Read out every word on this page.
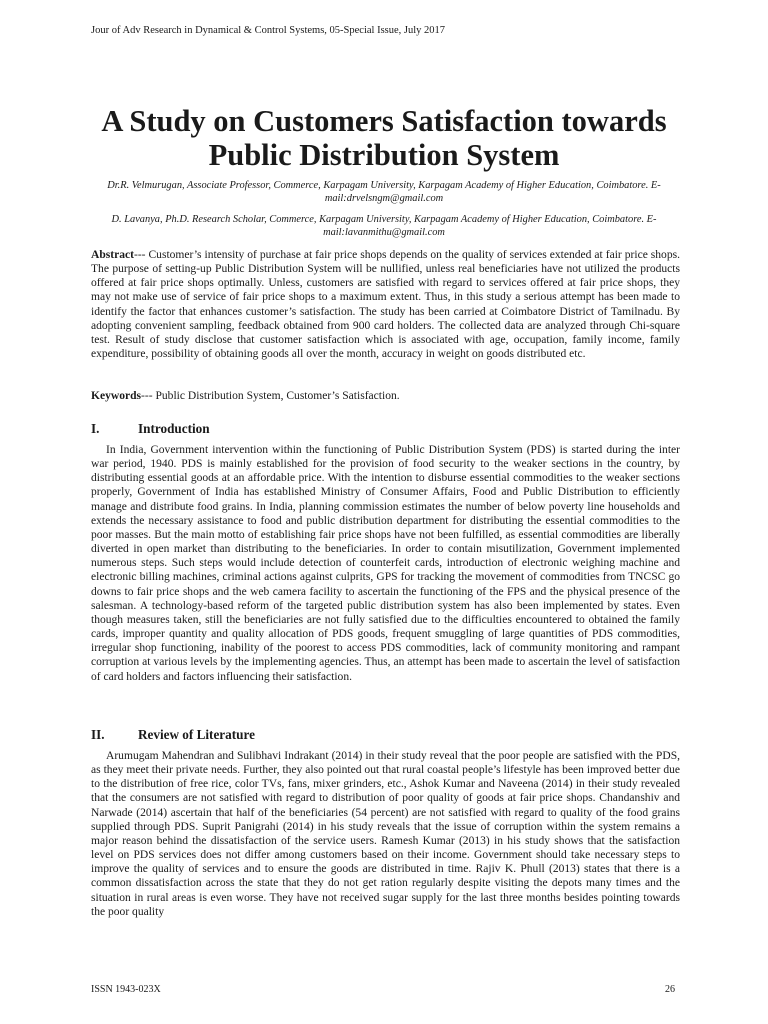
Jour of Adv Research in Dynamical & Control Systems, 05-Special Issue, July 2017
A Study on Customers Satisfaction towards Public Distribution System
Dr.R. Velmurugan, Associate Professor, Commerce, Karpagam University, Karpagam Academy of Higher Education, Coimbatore. E-mail:drvelsngm@gmail.com
D. Lavanya, Ph.D. Research Scholar, Commerce, Karpagam University, Karpagam Academy of Higher Education, Coimbatore. E-mail:lavanmithu@gmail.com

Abstract--- Customer’s intensity of purchase at fair price shops depends on the quality of services extended at fair price shops. The purpose of setting-up Public Distribution System will be nullified, unless real beneficiaries have not utilized the products offered at fair price shops optimally. Unless, customers are satisfied with regard to services offered at fair price shops, they may not make use of service of fair price shops to a maximum extent. Thus, in this study a serious attempt has been made to identify the factor that enhances customer’s satisfaction. The study has been carried at Coimbatore District of Tamilnadu. By adopting convenient sampling, feedback obtained from 900 card holders. The collected data are analyzed through Chi-square test. Result of study disclose that customer satisfaction which is associated with age, occupation, family income, family expenditure, possibility of obtaining goods all over the month, accuracy in weight on goods distributed etc.

Keywords--- Public Distribution System, Customer’s Satisfaction.

I.	Introduction

In India, Government intervention within the functioning of Public Distribution System (PDS) is started during the inter war period, 1940. PDS is mainly established for the provision of food security to the weaker sections in the country, by distributing essential goods at an affordable price. With the intention to disburse essential commodities to the weaker sections properly, Government of India has established Ministry of Consumer Affairs, Food and Public Distribution to efficiently manage and distribute food grains. In India, planning commission estimates the number of below poverty line households and extends the necessary assistance to food and public distribution department for distributing the essential commodities to the poor masses. But the main motto of establishing fair price shops have not been fulfilled, as essential commodities are liberally diverted in open market than distributing to the beneficiaries. In order to contain misutilization, Government implemented numerous steps. Such steps would include detection of counterfeit cards, introduction of electronic weighing machine and electronic billing machines, criminal actions against culprits, GPS for tracking the movement of commodities from TNCSC go downs to fair price shops and the web camera facility to ascertain the functioning of the FPS and the physical presence of the salesman. A technology-based reform of the targeted public distribution system has also been implemented by states. Even though measures taken, still the beneficiaries are not fully satisfied due to the difficulties encountered to obtained the family cards, improper quantity and quality allocation of PDS goods, frequent smuggling of large quantities of PDS commodities, irregular shop functioning, inability of the poorest to access PDS commodities, lack of community monitoring and rampant corruption at various levels by the implementing agencies. Thus, an attempt has been made to ascertain the level of satisfaction of card holders and factors influencing their satisfaction.

II.	Review of Literature

Arumugam Mahendran and Sulibhavi Indrakant (2014) in their study reveal that the poor people are satisfied with the PDS, as they meet their private needs. Further, they also pointed out that rural coastal people’s lifestyle has been improved better due to the distribution of free rice, color TVs, fans, mixer grinders, etc., Ashok Kumar and Naveena (2014) in their study revealed that the consumers are not satisfied with regard to distribution of poor quality of goods at fair price shops. Chandanshiv and Narwade (2014) ascertain that half of the beneficiaries (54 percent) are not satisfied with regard to quality of the food grains supplied through PDS. Suprit Panigrahi (2014) in his study reveals that the issue of corruption within the system remains a major reason behind the dissatisfaction of the service users. Ramesh Kumar (2013) in his study shows that the satisfaction level on PDS services does not differ among customers based on their income. Government should take necessary steps to improve the quality of services and to ensure the goods are distributed in time. Rajiv K. Phull (2013) states that there is a common dissatisfaction across the state that they do not get ration regularly despite visiting the depots many times and the situation in rural areas is even worse. They have not received sugar supply for the last three months besides pointing towards the poor quality

ISSN 1943-023X	26
